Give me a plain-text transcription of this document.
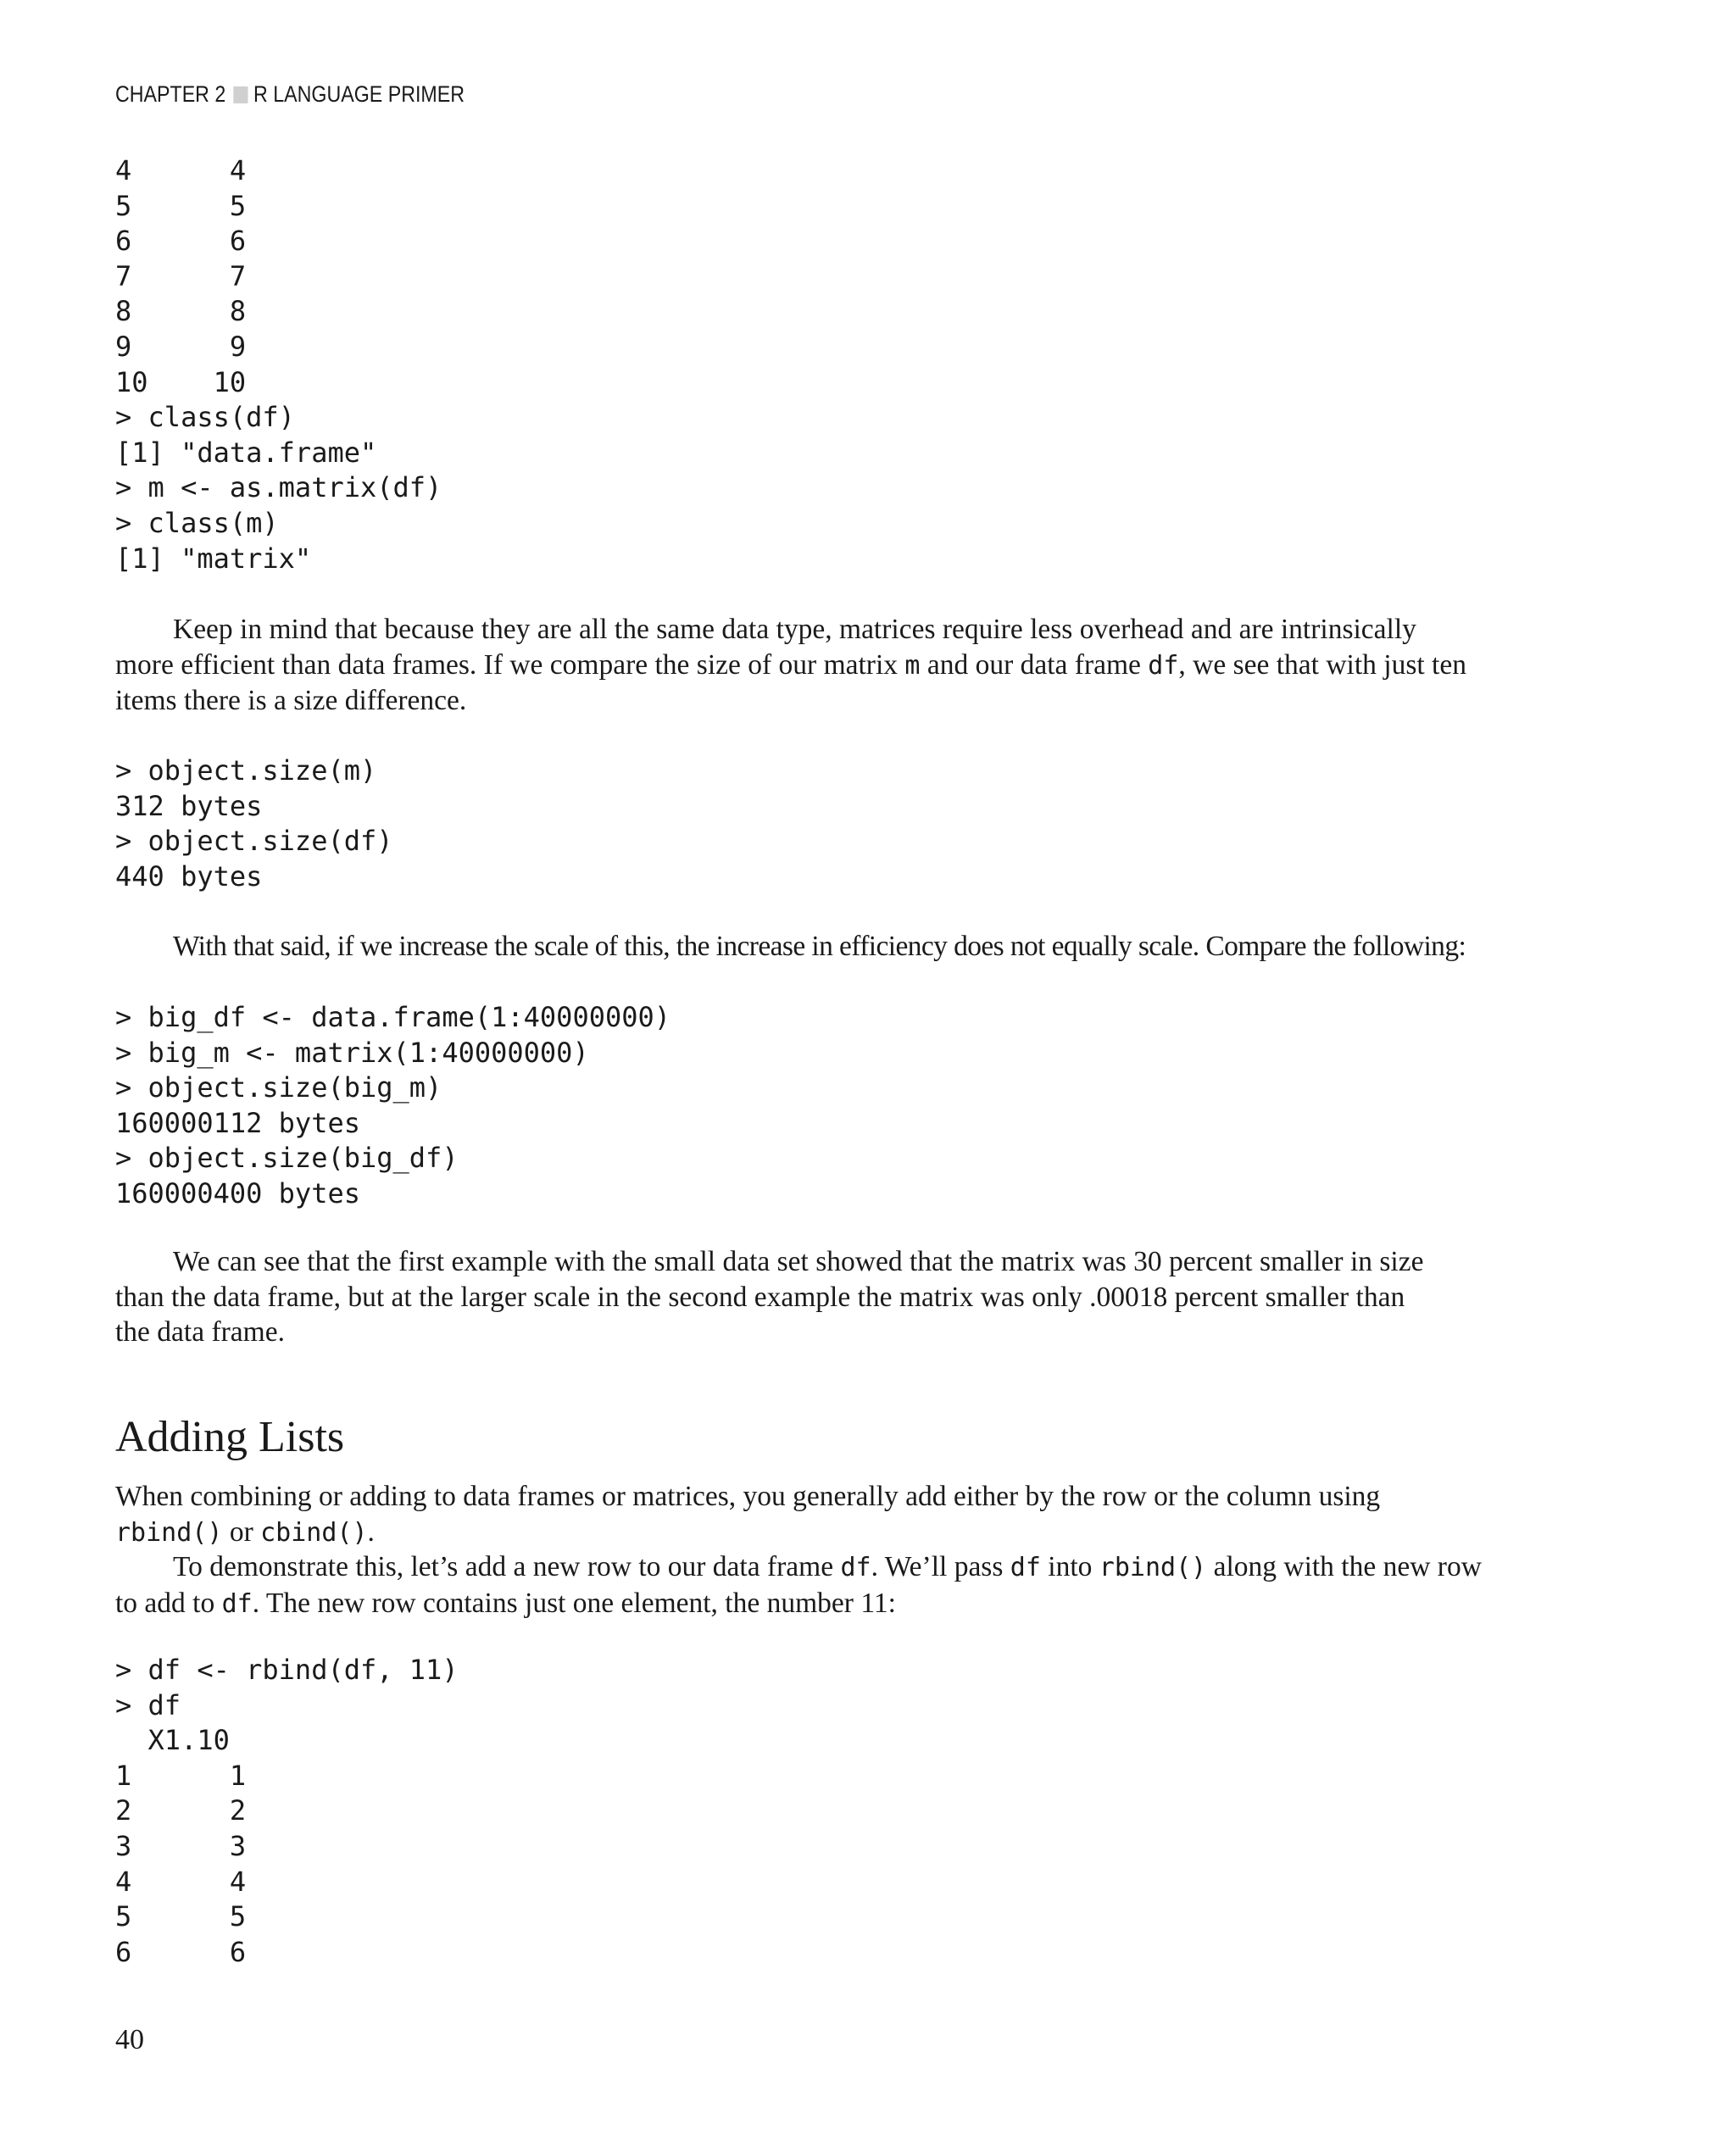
CHAPTER 2 R LANGUAGE PRIMER
4      4
5      5
6      6
7      7
8      8
9      9
10    10
> class(df)
[1] "data.frame"
> m <- as.matrix(df)
> class(m)
[1] "matrix"
Keep in mind that because they are all the same data type, matrices require less overhead and are intrinsically
more efficient than data frames. If we compare the size of our matrix m and our data frame df, we see that with just ten
items there is a size difference.
> object.size(m)
312 bytes
> object.size(df)
440 bytes
With that said, if we increase the scale of this, the increase in efficiency does not equally scale. Compare the following:
> big_df <- data.frame(1:40000000)
> big_m <- matrix(1:40000000)
> object.size(big_m)
160000112 bytes
> object.size(big_df)
160000400 bytes
We can see that the first example with the small data set showed that the matrix was 30 percent smaller in size
than the data frame, but at the larger scale in the second example the matrix was only .00018 percent smaller than
the data frame.
Adding Lists
When combining or adding to data frames or matrices, you generally add either by the row or the column using
rbind() or cbind().
To demonstrate this, let’s add a new row to our data frame df. We’ll pass df into rbind() along with the new row
to add to df. The new row contains just one element, the number 11:
> df <- rbind(df, 11)
> df
X1.10
1      1
2      2
3      3
4      4
5      5
6      6
40
